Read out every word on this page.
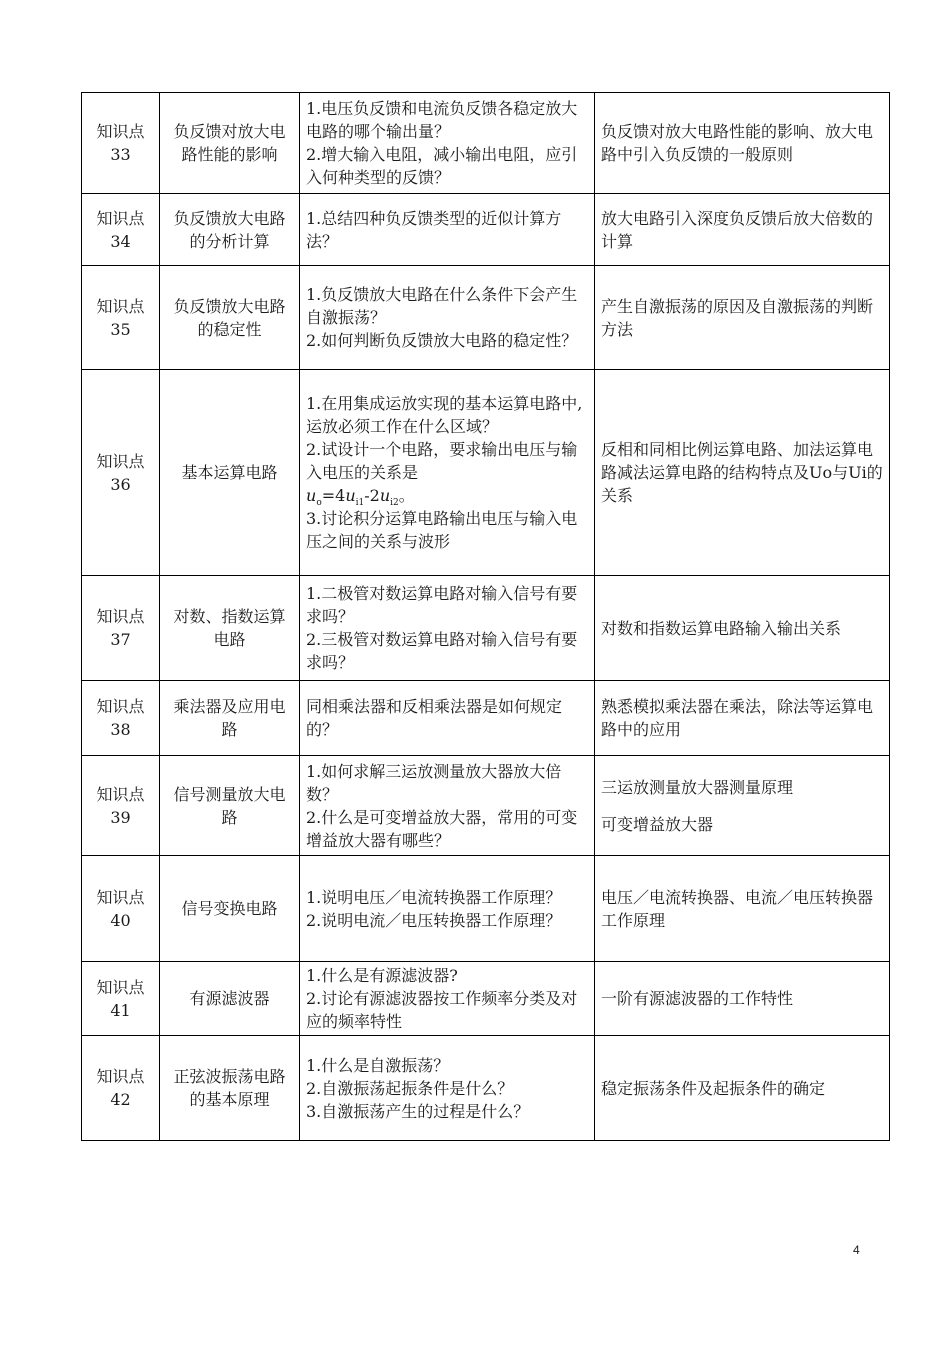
知识点
33	负反馈对放大电路性能的影响	1.电压负反馈和电流负反馈各稳定放大电路的哪个输出量？
2.增大输入电阻，减小输出电阻，应引入何种类型的反馈？	负反馈对放大电路性能的影响、放大电路中引入负反馈的一般原则

知识点
34	负反馈放大电路的分析计算	1.总结四种负反馈类型的近似计算方法？	放大电路引入深度负反馈后放大倍数的计算

知识点
35	负反馈放大电路的稳定性	1.负反馈放大电路在什么条件下会产生自激振荡？
2.如何判断负反馈放大电路的稳定性？	产生自激振荡的原因及自激振荡的判断方法

知识点
36	基本运算电路	1.在用集成运放实现的基本运算电路中,运放必须工作在什么区域？
2.试设计一个电路，要求输出电压与输入电压的关系是
$u_o=4u_{i1}-2u_{i2}$。
3.讨论积分运算电路输出电压与输入电压之间的关系与波形	反相和同相比例运算电路、加法运算电路减法运算电路的结构特点及Uo与Ui的关系

知识点
37	对数、指数运算电路	1.二极管对数运算电路对输入信号有要求吗？
2.三极管对数运算电路对输入信号有要求吗？	对数和指数运算电路输入输出关系

知识点
38	乘法器及应用电路	同相乘法器和反相乘法器是如何规定的？	熟悉模拟乘法器在乘法，除法等运算电路中的应用

知识点
39	信号测量放大电路	1.如何求解三运放测量放大器放大倍数？
2.什么是可变增益放大器，常用的可变增益放大器有哪些？	三运放测量放大器测量原理
可变增益放大器

知识点
40	信号变换电路	1.说明电压／电流转换器工作原理？
2.说明电流／电压转换器工作原理？	电压／电流转换器、电流／电压转换器工作原理

知识点
41	有源滤波器	1.什么是有源滤波器?
2.讨论有源滤波器按工作频率分类及对应的频率特性	一阶有源滤波器的工作特性

知识点
42	正弦波振荡电路的基本原理	1.什么是自激振荡？
2.自激振荡起振条件是什么？
3.自激振荡产生的过程是什么？	稳定振荡条件及起振条件的确定
4
